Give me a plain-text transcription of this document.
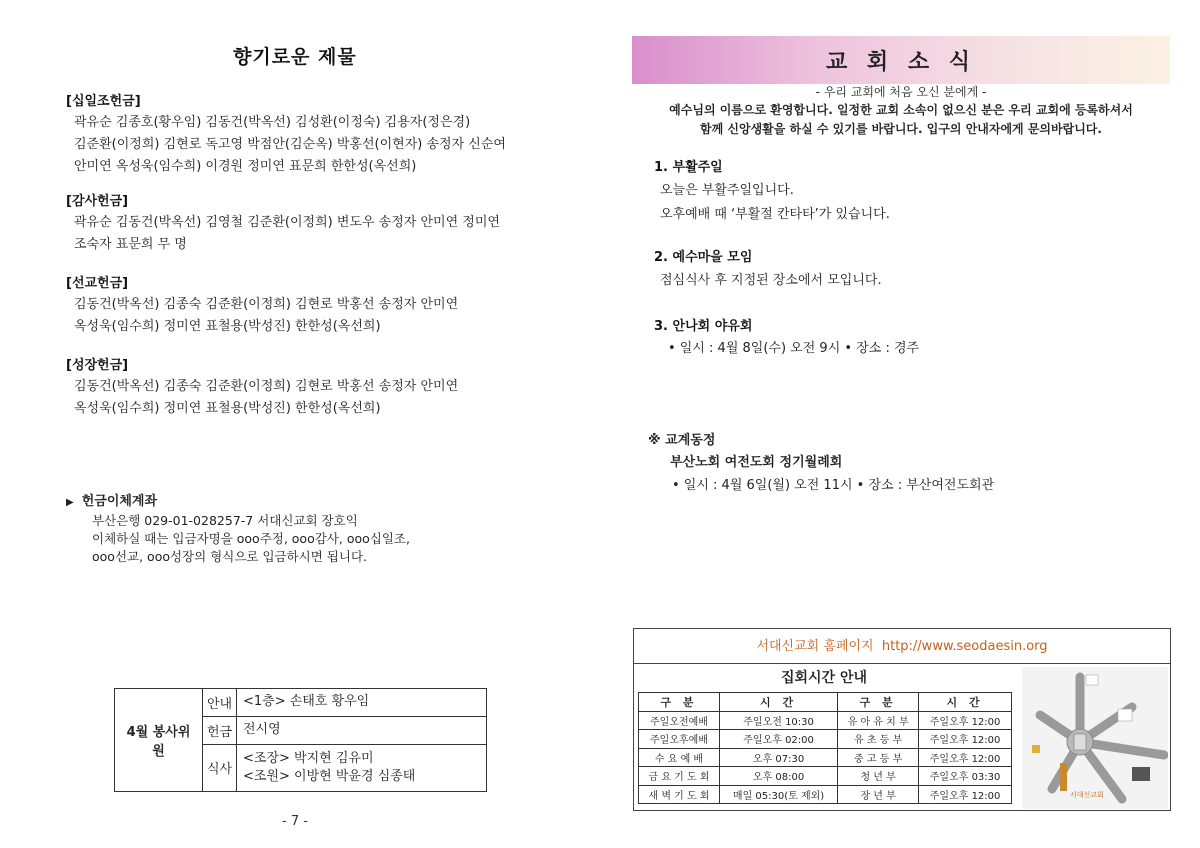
향기로운 제물
[십일조헌금]
곽유순 김종호(황우임) 김동건(박옥선) 김성환(이정숙) 김용자(정은경)
김준환(이정희) 김현로 독고영 박점안(김순옥) 박홍선(이현자) 송정자 신순여
안미연 옥성욱(임수희) 이경원 정미연 표문희 한한성(옥선희)
[감사헌금]
곽유순 김동건(박옥선) 김영철 김준환(이정희) 변도우 송정자 안미연 정미연
조숙자 표문희 무 명
[선교헌금]
김동건(박옥선) 김종숙 김준환(이정희) 김현로 박홍선 송정자 안미연
옥성욱(임수희) 정미연 표철용(박성진) 한한성(옥선희)
[성장헌금]
김동건(박옥선) 김종숙 김준환(이정희) 김현로 박홍선 송정자 안미연
옥성욱(임수희) 정미연 표철용(박성진) 한한성(옥선희)
▶ 헌금이체계좌
부산은행 029-01-028257-7 서대신교회 장호익
이체하실 때는 입금자명을 ooo주정, ooo감사, ooo십일조,
ooo선교, ooo성장의 형식으로 입금하시면 됩니다.
4월 봉사위원	안내	<1층> 손태호 황우임
	헌금	전시영
	식사	<조장> 박지현 김유미
<조원> 이방현 박윤경 심종태
- 7 -
교 회 소 식
- 우리 교회에 처음 오신 분에게 -
예수님의 이름으로 환영합니다. 일정한 교회 소속이 없으신 분은 우리 교회에 등록하셔서
함께 신앙생활을 하실 수 있기를 바랍니다. 입구의 안내자에게 문의바랍니다.
1. 부활주일
오늘은 부활주일입니다.
오후예배 때 ‘부활절 칸타타’가 있습니다.
2. 예수마을 모임
점심식사 후 지정된 장소에서 모입니다.
3. 안나회 야유회
• 일시 : 4월 8일(수) 오전 9시 • 장소 : 경주
※ 교계동정
부산노회 여전도회 정기월례회
• 일시 : 4월 6일(월) 오전 11시 • 장소 : 부산여전도회관
서대신교회 홈페이지 http://www.seodaesin.org
집회시간 안내
구 분	시 간	구 분	시 간
주일오전예배	주일오전 10:30	유 아 유 치 부	주일오후 12:00
주일오후예배	주일오후 02:00	유 초 등 부	주일오후 12:00
수 요 예 배	오후 07:30	중 고 등 부	주일오후 12:00
금 요 기 도 회	오후 08:00	청 년 부	주일오후 03:30
새 벽 기 도 회	매일 05:30(토 제외)	장 년 부	주일오후 12:00	서대신교회
